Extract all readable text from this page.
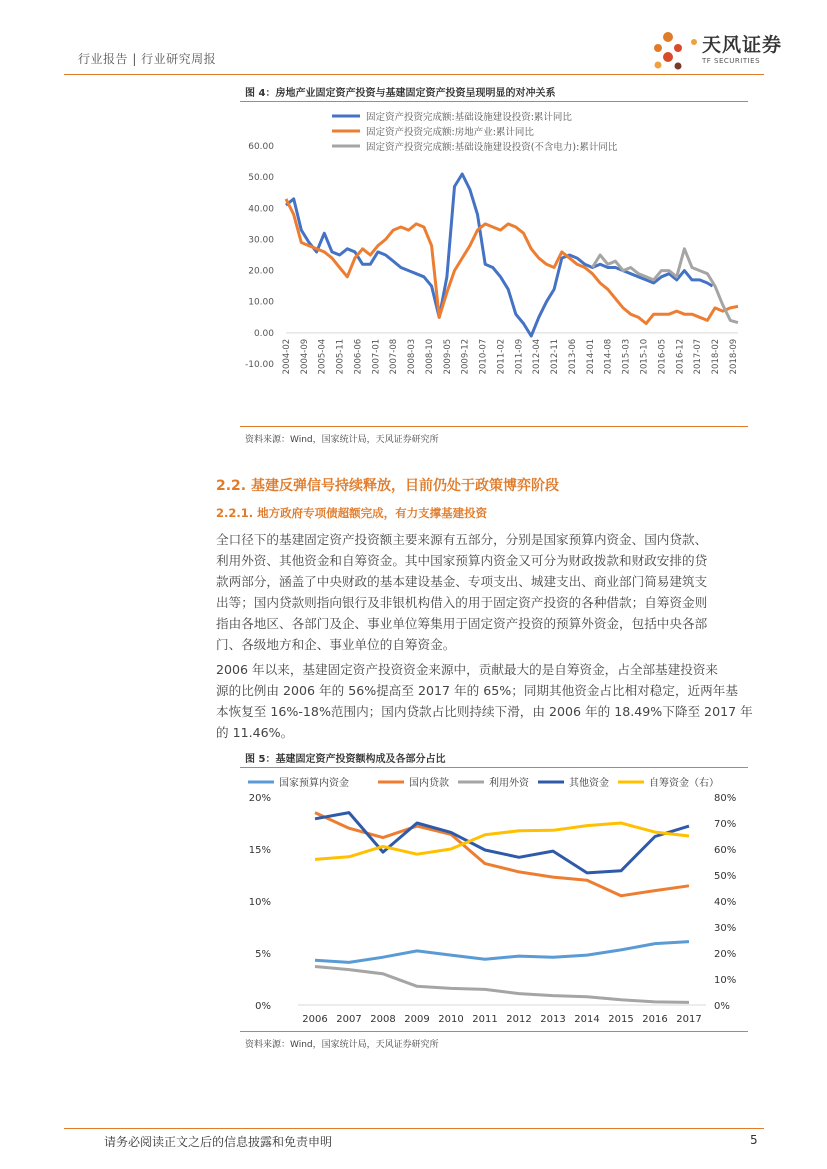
行业报告 | 行业研究周报
天风证券
TF SECURITIES
图 4：房地产业固定资产投资与基建固定资产投资呈现明显的对冲关系
固定资产投资完成额:基础设施建设投资:累计同比
固定资产投资完成额:房地产业:累计同比
固定资产投资完成额:基础设施建设投资(不含电力):累计同比
60.00
50.00
40.00
30.00
20.00
10.00
0.00
-10.00 2004-02 2004-09 2005-04 2005-11 2006-06 2007-01 2007-08 2008-03 2008-10 2009-05 2009-12 2010-07 2011-02 2011-09 2012-04 2012-11 2013-06 2014-01 2014-08 2015-03 2015-10 2016-05 2016-12 2017-07 2018-02 2018-09
资料来源：Wind，国家统计局，天风证券研究所
2.2. 基建反弹信号持续释放，目前仍处于政策博弈阶段
2.2.1. 地方政府专项债超额完成，有力支撑基建投资
全口径下的基建固定资产投资额主要来源有五部分，分别是国家预算内资金、国内贷款、
利用外资、其他资金和自筹资金。其中国家预算内资金又可分为财政拨款和财政安排的贷
款两部分，涵盖了中央财政的基本建设基金、专项支出、城建支出、商业部门简易建筑支
出等；国内贷款则指向银行及非银机构借入的用于固定资产投资的各种借款；自筹资金则
指由各地区、各部门及企、事业单位筹集用于固定资产投资的预算外资金，包括中央各部
门、各级地方和企、事业单位的自筹资金。
2006 年以来，基建固定资产投资资金来源中，贡献最大的是自筹资金，占全部基建投资来
源的比例由 2006 年的 56%提高至 2017 年的 65%；同期其他资金占比相对稳定，近两年基
本恢复至 16%-18%范围内；国内贷款占比则持续下滑，由 2006 年的 18.49%下降至 2017 年
的 11.46%。
图 5：基建固定资产投资额构成及各部分占比
国家预算内资金	国内贷款	利用外资	其他资金	自筹资金（右）
20%
15%
10%
5%
0%
80%
70%
60%
50%
40%
30%
20%
10%
0%
2006 2007 2008 2009 2010 2011 2012 2013 2014 2015 2016 2017
资料来源：Wind，国家统计局，天风证券研究所
请务必阅读正文之后的信息披露和免责申明	5
